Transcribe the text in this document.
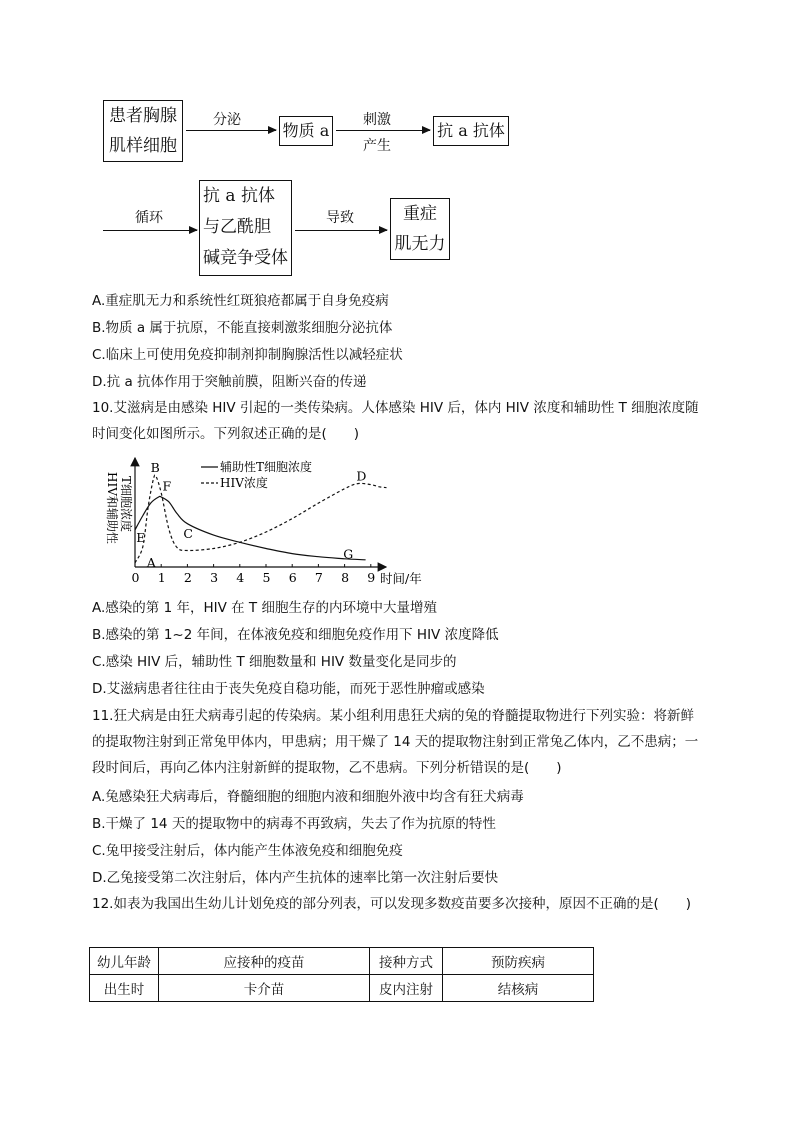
患者胸腺
肌样细胞
分泌
物质 a
刺激
产生
抗 a 抗体
循环
抗 a 抗体
与乙酰胆
碱竞争受体
导致	重症
肌无力
A.重症肌无力和系统性红斑狼疮都属于自身免疫病
B.物质 a 属于抗原，不能直接刺激浆细胞分泌抗体
C.临床上可使用免疫抑制剂抑制胸腺活性以减轻症状
D.抗 a 抗体作用于突触前膜，阻断兴奋的传递
10.艾滋病是由感染 HIV 引起的一类传染病。人体感染 HIV 后，体内 HIV 浓度和辅助性 T 细胞浓度随时间变化如图所示。下列叙述正确的是(　　)
HIV和辅助性 T细胞浓度
时间/年
辅助性T细胞浓度
HIV浓度
0 1 2 3 4 5 6 7 8 9
A
B
C
D
E
F
G
A.感染的第 1 年，HIV 在 T 细胞生存的内环境中大量增殖
B.感染的第 1~2 年间，在体液免疫和细胞免疫作用下 HIV 浓度降低
C.感染 HIV 后，辅助性 T 细胞数量和 HIV 数量变化是同步的
D.艾滋病患者往往由于丧失免疫自稳功能，而死于恶性肿瘤或感染
11.狂犬病是由狂犬病毒引起的传染病。某小组利用患狂犬病的兔的脊髓提取物进行下列实验：将新鲜的提取物注射到正常兔甲体内，甲患病；用干燥了 14 天的提取物注射到正常兔乙体内，乙不患病；一段时间后，再向乙体内注射新鲜的提取物，乙不患病。下列分析错误的是(　　)
A.兔感染狂犬病毒后，脊髓细胞的细胞内液和细胞外液中均含有狂犬病毒
B.干燥了 14 天的提取物中的病毒不再致病，失去了作为抗原的特性
C.兔甲接受注射后，体内能产生体液免疫和细胞免疫
D.乙兔接受第二次注射后，体内产生抗体的速率比第一次注射后要快
12.如表为我国出生幼儿计划免疫的部分列表，可以发现多数疫苗要多次接种，原因不正确的是(　　)
幼儿年龄	应接种的疫苗	接种方式	预防疾病
出生时	卡介苗	皮内注射	结核病
